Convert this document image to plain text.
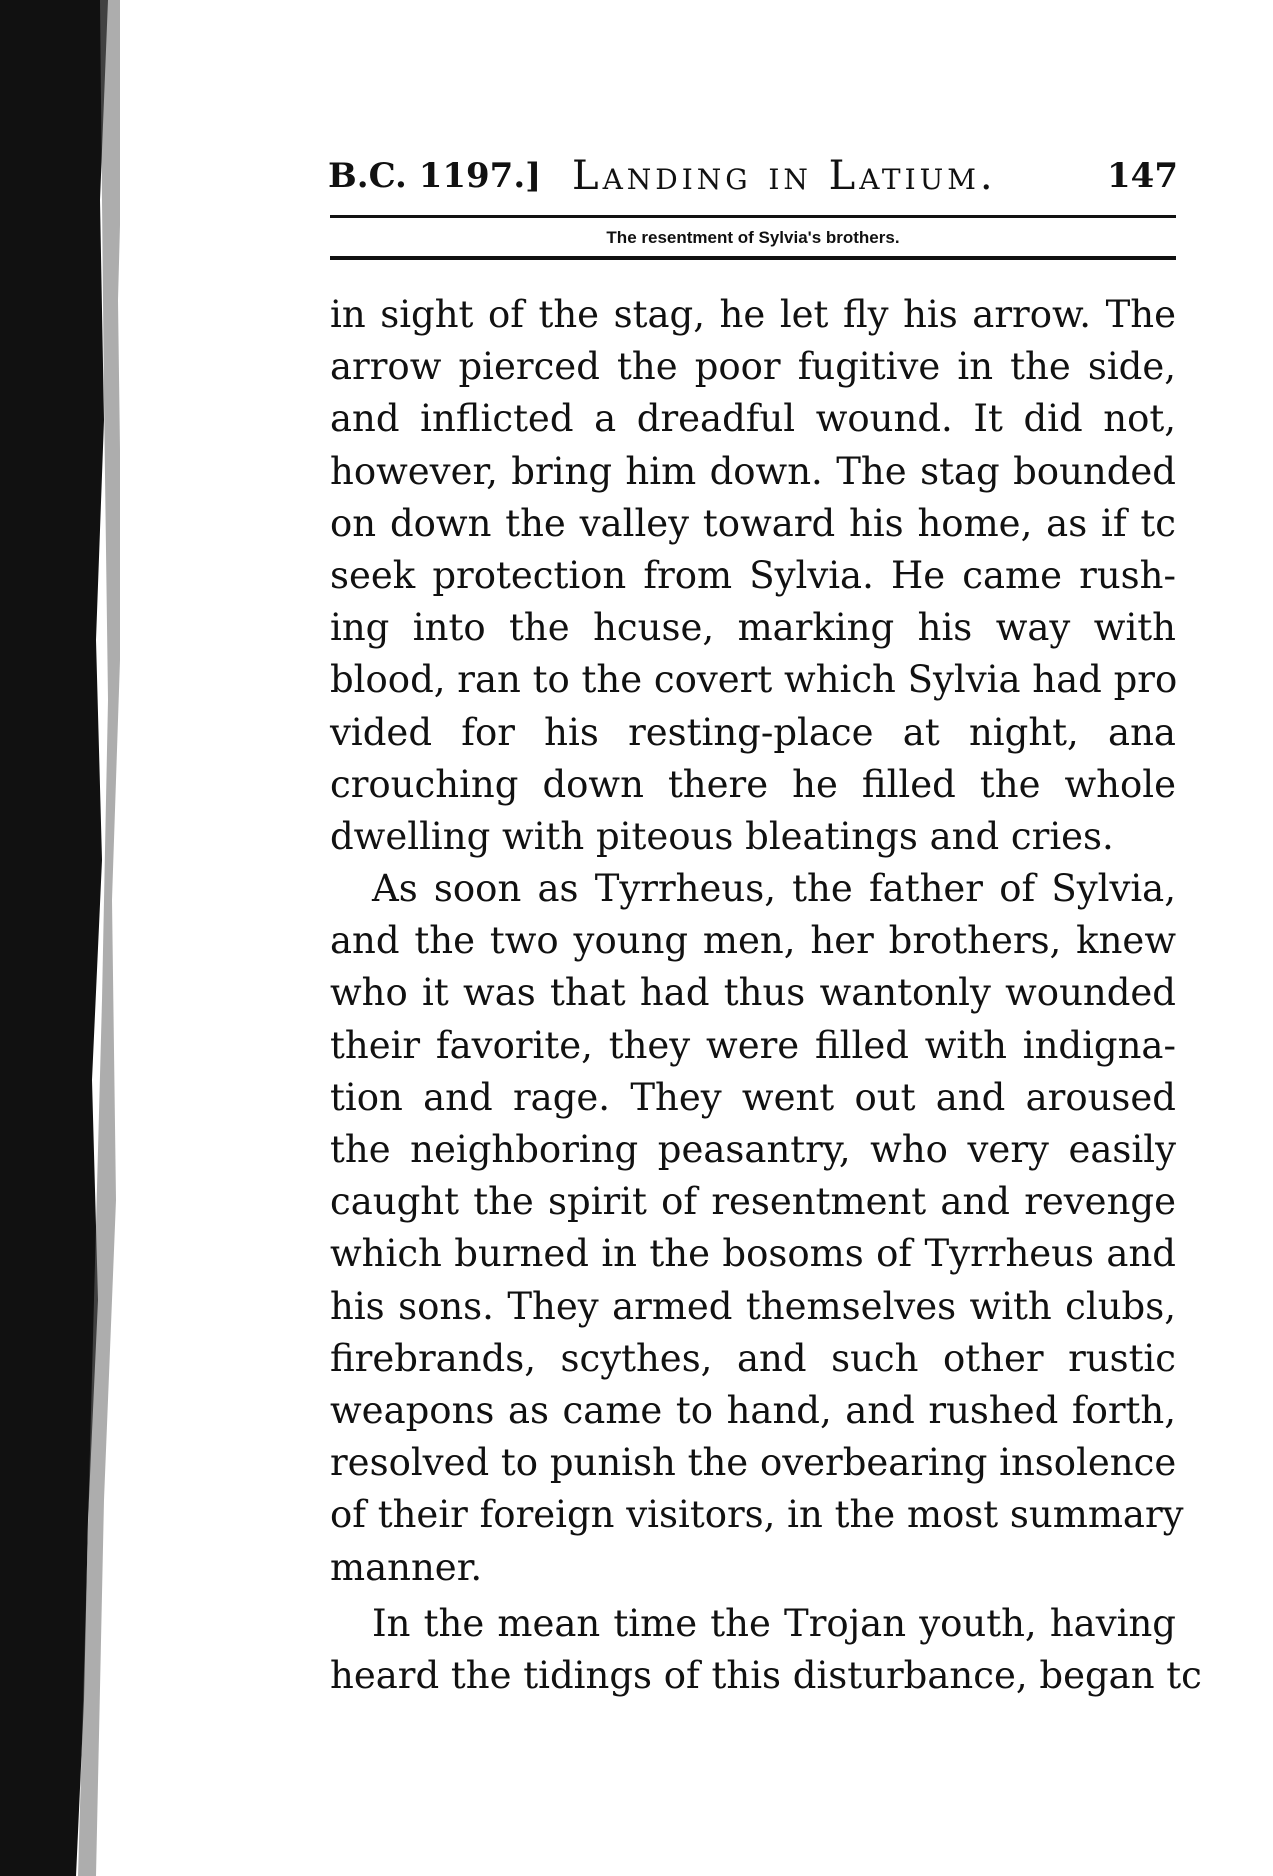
B.C. 1197.] Landing in Latium.	147
The resentment of Sylvia's brothers.
in sight of the stag, he let fly his arrow. The
arrow pierced the poor fugitive in the side,
and inflicted a dreadful wound. It did not,
however, bring him down. The stag bounded
on down the valley toward his home, as if tc
seek protection from Sylvia. He came rush-
ing into the hcuse, marking his way with
blood, ran to the covert which Sylvia had pro
vided for his resting-place at night, ana
crouching down there he filled the whole
dwelling with piteous bleatings and cries.
As soon as Tyrrheus, the father of Sylvia,
and the two young men, her brothers, knew
who it was that had thus wantonly wounded
their favorite, they were filled with indigna-
tion and rage. They went out and aroused
the neighboring peasantry, who very easily
caught the spirit of resentment and revenge
which burned in the bosoms of Tyrrheus and
his sons. They armed themselves with clubs,
firebrands, scythes, and such other rustic
weapons as came to hand, and rushed forth,
resolved to punish the overbearing insolence
of their foreign visitors, in the most summary
manner.
In the mean time the Trojan youth, having
heard the tidings of this disturbance, began tc
